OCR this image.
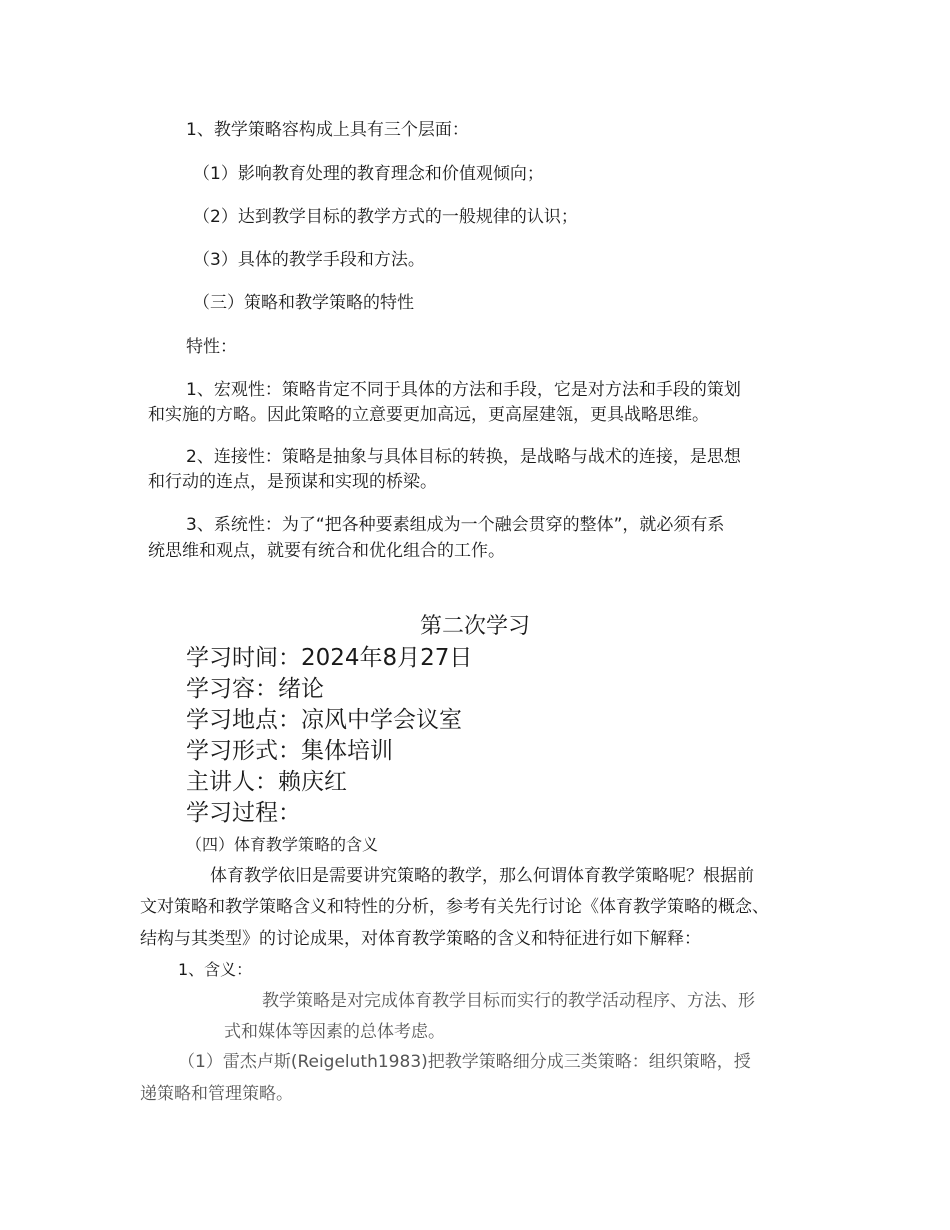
1、教学策略容构成上具有三个层面：

（1）影响教育处理的教育理念和价值观倾向；

（2）达到教学目标的教学方式的一般规律的认识；

（3）具体的教学手段和方法。

（三）策略和教学策略的特性

特性：

1、宏观性：策略肯定不同于具体的方法和手段，它是对方法和手段的策划

和实施的方略。因此策略的立意要更加高远，更高屋建瓴，更具战略思维。

2、连接性：策略是抽象与具体目标的转换，是战略与战术的连接，是思想

和行动的连点，是预谋和实现的桥梁。

3、系统性：为了“把各种要素组成为一个融会贯穿的整体”，就必须有系

统思维和观点，就要有统合和优化组合的工作。

第二次学习

学习时间：2024年8月27日

学习容：绪论

学习地点：凉风中学会议室

学习形式：集体培训

主讲人：赖庆红

学习过程：

（四）体育教学策略的含义

体育教学依旧是需要讲究策略的教学，那么何谓体育教学策略呢？根据前

文对策略和教学策略含义和特性的分析，参考有关先行讨论《体育教学策略的概念、

结构与其类型》的讨论成果，对体育教学策略的含义和特征进行如下解释：

1、含义：

教学策略是对完成体育教学目标而实行的教学活动程序、方法、形

式和媒体等因素的总体考虑。

（1）雷杰卢斯(Reigeluth1983)把教学策略细分成三类策略：组织策略，授

递策略和管理策略。
